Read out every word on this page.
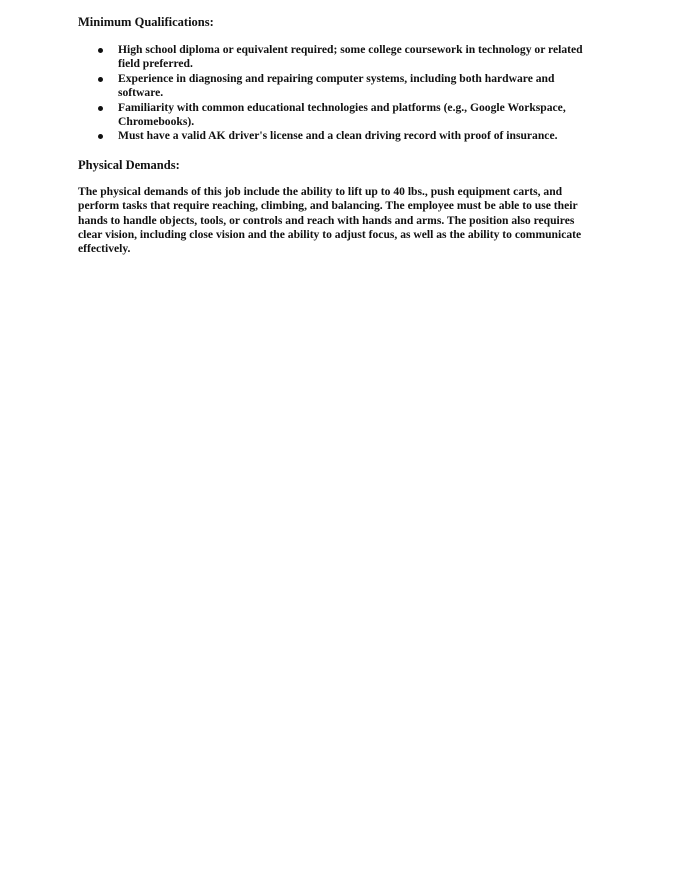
Minimum Qualifications:
High school diploma or equivalent required; some college coursework in technology or related field preferred.
Experience in diagnosing and repairing computer systems, including both hardware and software.
Familiarity with common educational technologies and platforms (e.g., Google Workspace, Chromebooks).
Must have a valid AK driver's license and a clean driving record with proof of insurance.
Physical Demands:

The physical demands of this job include the ability to lift up to 40 lbs., push equipment carts, and perform tasks that require reaching, climbing, and balancing. The employee must be able to use their hands to handle objects, tools, or controls and reach with hands and arms. The position also requires clear vision, including close vision and the ability to adjust focus, as well as the ability to communicate effectively.
